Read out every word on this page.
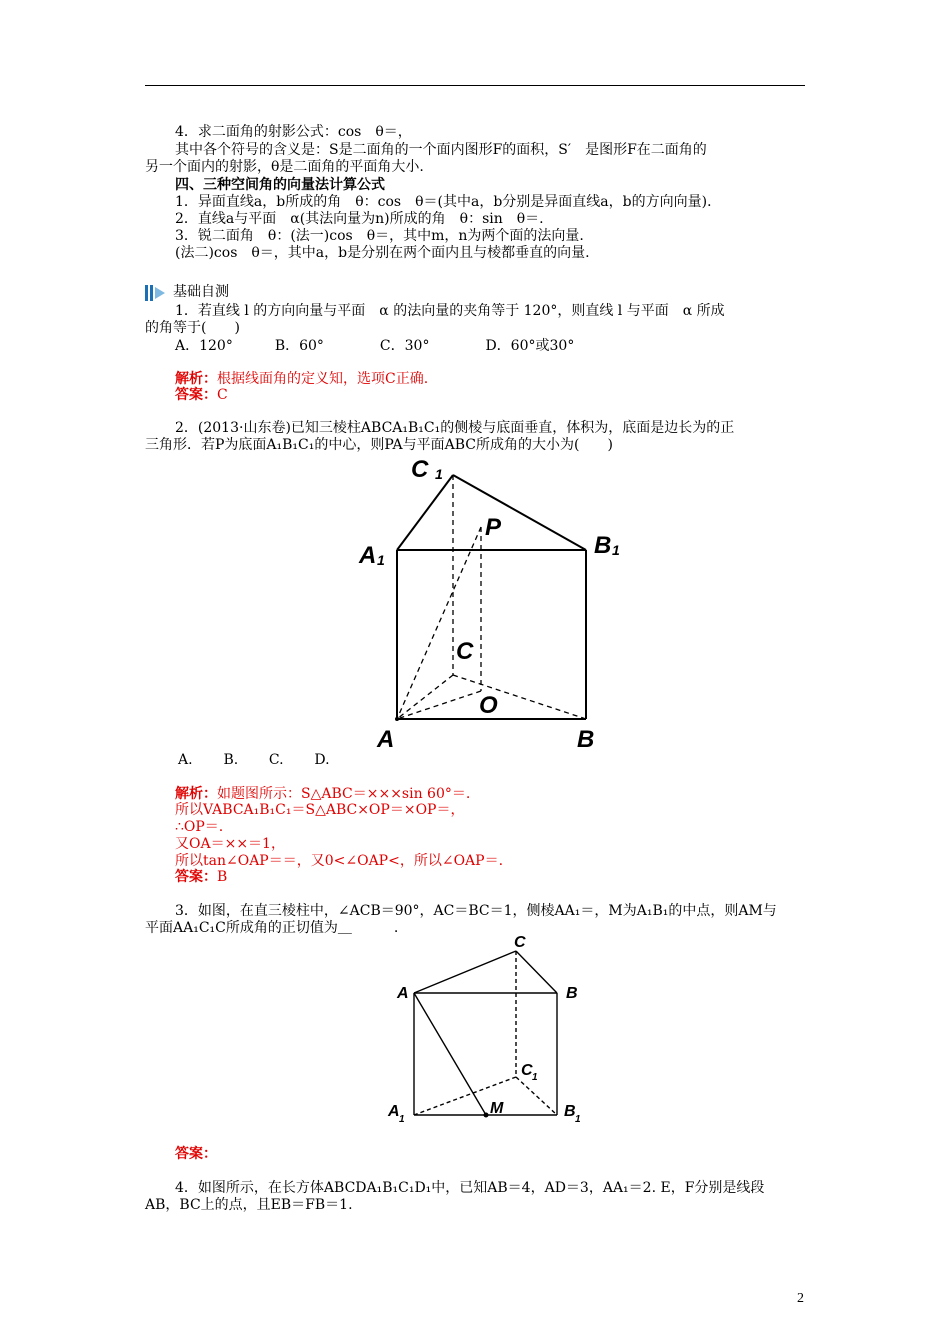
4．求二面角的射影公式：cos　θ＝，
其中各个符号的含义是：S是二面角的一个面内图形F的面积，S′　是图形F在二面角的
另一个面内的射影，θ是二面角的平面角大小.
四、三种空间角的向量法计算公式
1．异面直线a，b所成的角　θ：cos　θ＝(其中a，b分别是异面直线a，b的方向向量)．
2．直线a与平面　α(其法向量为n)所成的角　θ：sin　θ＝.
3．锐二面角　θ：(法一)cos　θ＝，其中m，n为两个面的法向量.
(法二)cos　θ＝，其中a，b是分别在两个面内且与棱都垂直的向量.
基础自测
1．若直线 l 的方向向量与平面　α 的法向量的夹角等于 120°，则直线 l 与平面　α 所成
的角等于(　　)
A．120°　　　B．60°　　　　C．30°　　　　D．60°或30°
解析：根据线面角的定义知，选项C正确.
答案：C
2．(2013·山东卷)已知三棱柱ABCA₁B₁C₁的侧棱与底面垂直，体积为，底面是边长为的正
三角形．若P为底面A₁B₁C₁的中心，则PA与平面ABC所成角的大小为(　　)
C 1
P
A 1
B 1
C
O
A	B
A. B. C. D.
解析：如题图所示：S△ABC＝×××sin 60°＝.
所以VABCA₁B₁C₁＝S△ABC×OP＝×OP＝，
∴OP＝.
又OA＝××＝1，
所以tan∠OAP＝＝，又0<∠OAP<，所以∠OAP＝.
答案：B
3．如图，在直三棱柱中，∠ACB＝90°，AC＝BC＝1，侧棱AA₁＝，M为A₁B₁的中点，则AM与
平面AA₁C₁C所成角的正切值为＿　　　.
C
A	B
C 1
A 1
M	B 1
答案：
4．如图所示，在长方体ABCDA₁B₁C₁D₁中，已知AB＝4，AD＝3，AA₁＝2. E，F分别是线段
AB，BC上的点，且EB＝FB＝1.
2
